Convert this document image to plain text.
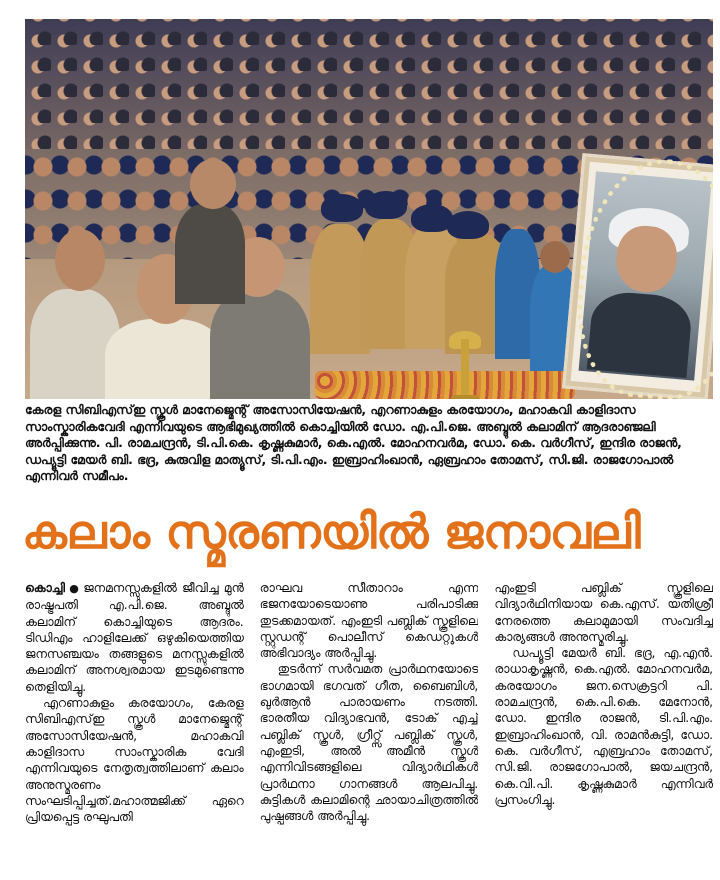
കേരള സിബിഎസ്ഇ സ്കൂൾ മാനേജ്മെന്റ് അസോസിയേഷൻ, എറണാകുളം കരയോഗം, മഹാകവി കാളിദാസ സാംസ്കാരികവേദി എന്നിവയുടെ ആഭിമുഖ്യത്തിൽ കൊച്ചിയിൽ ഡോ. എ.പി.ജെ. അബ്ദുൽ കലാമിന് ആദരാഞ്ജലി അർപ്പിക്കുന്നു. പി. രാമചന്ദ്രൻ, ടി.പി.കെ. കൃഷ്ണകുമാർ, കെ.എൽ. മോഹനവർമ, ഡോ. കെ. വർഗീസ്, ഇന്ദിര രാജൻ, ഡപ്യൂട്ടി മേയർ ബി. ഭദ്ര, കുരുവിള മാത്യൂസ്, ടി.പി.എം. ഇബ്രാഹിംഖാൻ, ഏബ്രഹാം തോമസ്, സി.ജി. രാജഗോപാൽ എന്നിവർ സമീപം.

കലാം സ്മരണയിൽ ജനാവലി

കൊച്ചി ● ജനമനസ്സുകളിൽ ജീവിച്ച മുൻ രാഷ്ട്രപതി എ.പി.ജെ. അബ്ദുൽ കലാമിന് കൊച്ചിയുടെ ആദരം. ടിഡിഎം ഹാളിലേക്ക് ഒഴുകിയെത്തിയ ജനസഞ്ചയം തങ്ങളുടെ മനസ്സുകളിൽ കലാമിന് അനശ്വരമായ ഇടമുണ്ടെന്നു തെളിയിച്ചു.

എറണാകുളം കരയോഗം, കേരള സിബിഎസ്ഇ സ്കൂൾ മാനേജ്മെന്റ് അസോസിയേഷൻ, മഹാകവി കാളിദാസ സാംസ്കാരിക വേദി എന്നിവയുടെ നേതൃത്വത്തിലാണ് കലാം അനുസ്മരണം സംഘടിപ്പിച്ചത്.മഹാത്മജിക്ക് ഏറെ പ്രിയപ്പെട്ട രഘുപതി

രാഘവ സീതാറാം എന്ന ഭജനയോടെയാണു പരിപാടിക്കു തുടക്കമായത്. എംഇടി പബ്ലിക് സ്കൂളിലെ സ്റ്റുഡന്റ് പൊലീസ് കെഡറ്റുകൾ അഭിവാദ്യം അർപ്പിച്ചു.

തുടർന്ന് സർവമത പ്രാർഥനയോടെ ഭാഗമായി ഭഗവത് ഗീത, ബൈബിൾ, ഖുർആൻ പാരായണം നടത്തി. ഭാരതീയ വിദ്യാഭവൻ, ടോക് എച്ച് പബ്ലിക് സ്കൂൾ, ഗ്രീറ്റ്സ് പബ്ലിക് സ്കൂൾ, എംഇടി, അൽ അമീൻ സ്കൂൾ എന്നിവിടങ്ങളിലെ വിദ്യാർഥികൾ പ്രാർഥനാ ഗാനങ്ങൾ ആലപിച്ചു. കുട്ടികൾ കലാമിന്റെ ഛായാചിത്രത്തിൽ പുഷ്പങ്ങൾ അർപ്പിച്ചു.

എംഇടി പബ്ലിക് സ്കൂളിലെ വിദ്യാർഥിനിയായ കെ.എസ്. യതിശ്രീ നേരത്തെ കലാമുമായി സംവദിച്ച കാര്യങ്ങൾ അനുസ്മരിച്ചു.

ഡപ്യൂട്ടി മേയർ ബി. ഭദ്ര, എ.എൻ. രാധാകൃഷ്ണൻ, കെ.എൽ. മോഹനവർമ, കരയോഗം ജന.സെക്രട്ടറി പി. രാമചന്ദ്രൻ, കെ.പി.കെ. മേനോൻ, ഡോ. ഇന്ദിര രാജൻ, ടി.പി.എം. ഇബ്രാഹിംഖാൻ, വി. രാമൻകുട്ടി, ഡോ. കെ. വർഗീസ്, എബ്രഹാം തോമസ്, സി.ജി. രാജഗോപാൽ, ജയചന്ദ്രൻ, കെ.വി.പി. കൃഷ്ണകുമാർ എന്നിവർ പ്രസംഗിച്ചു.
